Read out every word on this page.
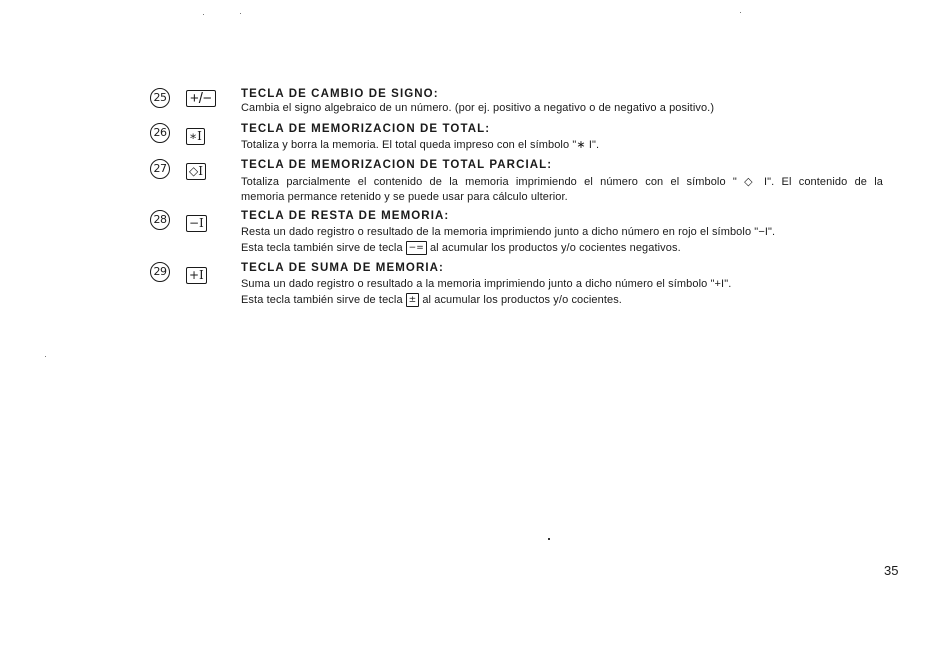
25 +/−	TECLA DE CAMBIO DE SIGNO:
Cambia el signo algebraico de un número. (por ej. positivo a negativo o de negativo a positivo.)
26 ∗I	TECLA DE MEMORIZACION DE TOTAL:
Totaliza y borra la memoria. El total queda impreso con el símbolo "∗ I".
27 ◇I	TECLA DE MEMORIZACION DE TOTAL PARCIAL:
Totaliza parcialmente el contenido de la memoria imprimiendo el número con el símbolo " ◇ I". El contenido de la
memoria permance retenido y se puede usar para cálculo ulterior.
28 −I	TECLA DE RESTA DE MEMORIA:
Resta un dado registro o resultado de la memoria imprimiendo junto a dicho número en rojo el símbolo "−I".
Esta tecla también sirve de tecla −= al acumular los productos y/o cocientes negativos.
29 +I	TECLA DE SUMA DE MEMORIA:
Suma un dado registro o resultado a la memoria imprimiendo junto a dicho número el símbolo "+I".
Esta tecla también sirve de tecla ± al acumular los productos y/o cocientes.
35
